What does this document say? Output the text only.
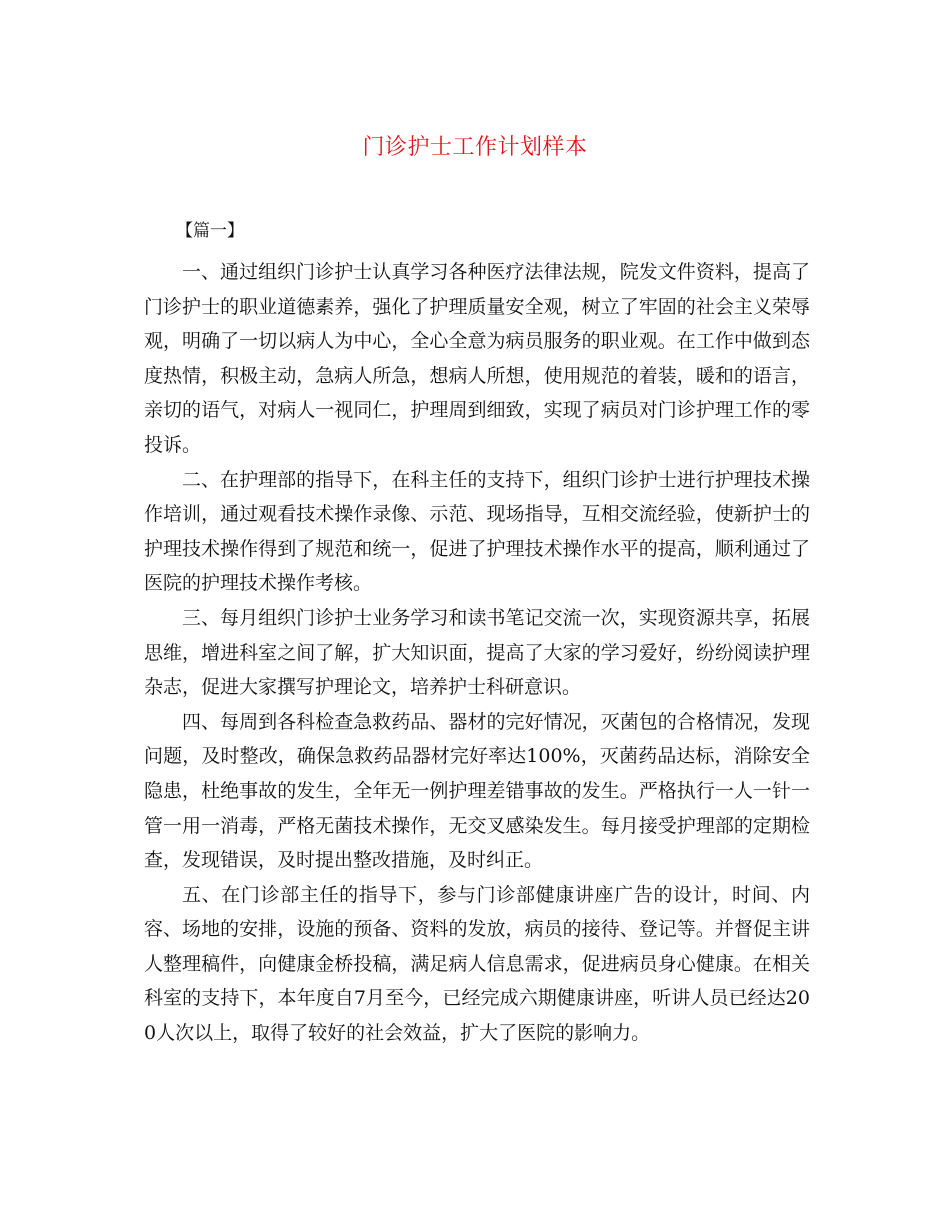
门诊护士工作计划样本
【篇一】

一、通过组织门诊护士认真学习各种医疗法律法规，院发文件资料，提高了门诊护士的职业道德素养，强化了护理质量安全观，树立了牢固的社会主义荣辱观，明确了一切以病人为中心，全心全意为病员服务的职业观。在工作中做到态度热情，积极主动，急病人所急，想病人所想，使用规范的着装，暖和的语言，亲切的语气，对病人一视同仁，护理周到细致，实现了病员对门诊护理工作的零投诉。

二、在护理部的指导下，在科主任的支持下，组织门诊护士进行护理技术操作培训，通过观看技术操作录像、示范、现场指导，互相交流经验，使新护士的护理技术操作得到了规范和统一，促进了护理技术操作水平的提高，顺利通过了医院的护理技术操作考核。

三、每月组织门诊护士业务学习和读书笔记交流一次，实现资源共享，拓展思维，增进科室之间了解，扩大知识面，提高了大家的学习爱好，纷纷阅读护理杂志，促进大家撰写护理论文，培养护士科研意识。

四、每周到各科检查急救药品、器材的完好情况，灭菌包的合格情况，发现问题，及时整改，确保急救药品器材完好率达100%，灭菌药品达标，消除安全隐患，杜绝事故的发生，全年无一例护理差错事故的发生。严格执行一人一针一管一用一消毒，严格无菌技术操作，无交叉感染发生。每月接受护理部的定期检查，发现错误，及时提出整改措施，及时纠正。

五、在门诊部主任的指导下，参与门诊部健康讲座广告的设计，时间、内容、场地的安排，设施的预备、资料的发放，病员的接待、登记等。并督促主讲人整理稿件，向健康金桥投稿，满足病人信息需求，促进病员身心健康。在相关科室的支持下，本年度自7月至今，已经完成六期健康讲座，听讲人员已经达200人次以上，取得了较好的社会效益，扩大了医院的影响力。
